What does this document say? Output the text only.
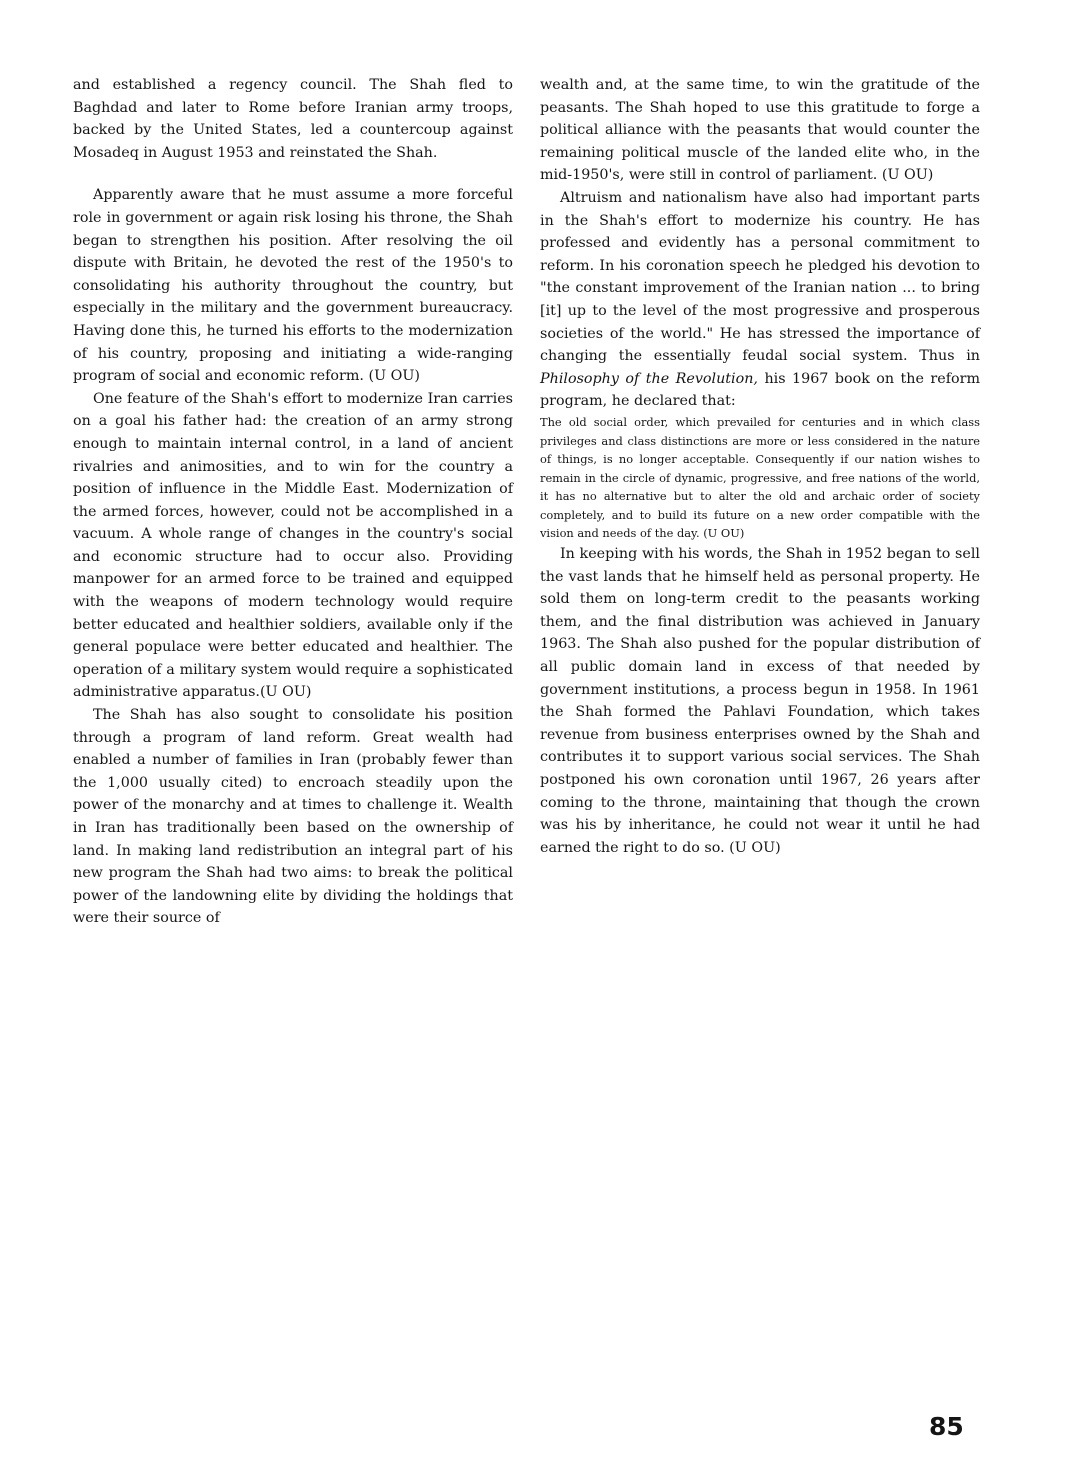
and established a regency council. The Shah fled to Baghdad and later to Rome before Iranian army troops, backed by the United States, led a countercoup against Mosadeq in August 1953 and reinstated the Shah.

Apparently aware that he must assume a more forceful role in government or again risk losing his throne, the Shah began to strengthen his position. After resolving the oil dispute with Britain, he devoted the rest of the 1950's to consolidating his authority throughout the country, but especially in the military and the government bureaucracy. Having done this, he turned his efforts to the modernization of his country, proposing and initiating a wide-ranging program of social and economic reform. (U OU)

One feature of the Shah's effort to modernize Iran carries on a goal his father had: the creation of an army strong enough to maintain internal control, in a land of ancient rivalries and animosities, and to win for the country a position of influence in the Middle East. Modernization of the armed forces, however, could not be accomplished in a vacuum. A whole range of changes in the country's social and economic structure had to occur also. Providing manpower for an armed force to be trained and equipped with the weapons of modern technology would require better educated and healthier soldiers, available only if the general populace were better educated and healthier. The operation of a military system would require a sophisticated administrative apparatus.(U OU)

The Shah has also sought to consolidate his position through a program of land reform. Great wealth had enabled a number of families in Iran (probably fewer than the 1,000 usually cited) to encroach steadily upon the power of the monarchy and at times to challenge it. Wealth in Iran has traditionally been based on the ownership of land. In making land redistribution an integral part of his new program the Shah had two aims: to break the political power of the landowning elite by dividing the holdings that were their source of

wealth and, at the same time, to win the gratitude of the peasants. The Shah hoped to use this gratitude to forge a political alliance with the peasants that would counter the remaining political muscle of the landed elite who, in the mid-1950's, were still in control of parliament. (U OU)

Altruism and nationalism have also had important parts in the Shah's effort to modernize his country. He has professed and evidently has a personal commitment to reform. In his coronation speech he pledged his devotion to "the constant improvement of the Iranian nation ... to bring [it] up to the level of the most progressive and prosperous societies of the world." He has stressed the importance of changing the essentially feudal social system. Thus in Philosophy of the Revolution, his 1967 book on the reform program, he declared that:

The old social order, which prevailed for centuries and in which class privileges and class distinctions are more or less considered in the nature of things, is no longer acceptable. Consequently if our nation wishes to remain in the circle of dynamic, progressive, and free nations of the world, it has no alternative but to alter the old and archaic order of society completely, and to build its future on a new order compatible with the vision and needs of the day. (U OU)

In keeping with his words, the Shah in 1952 began to sell the vast lands that he himself held as personal property. He sold them on long-term credit to the peasants working them, and the final distribution was achieved in January 1963. The Shah also pushed for the popular distribution of all public domain land in excess of that needed by government institutions, a process begun in 1958. In 1961 the Shah formed the Pahlavi Foundation, which takes revenue from business enterprises owned by the Shah and contributes it to support various social services. The Shah postponed his own coronation until 1967, 26 years after coming to the throne, maintaining that though the crown was his by inheritance, he could not wear it until he had earned the right to do so. (U OU)

85
